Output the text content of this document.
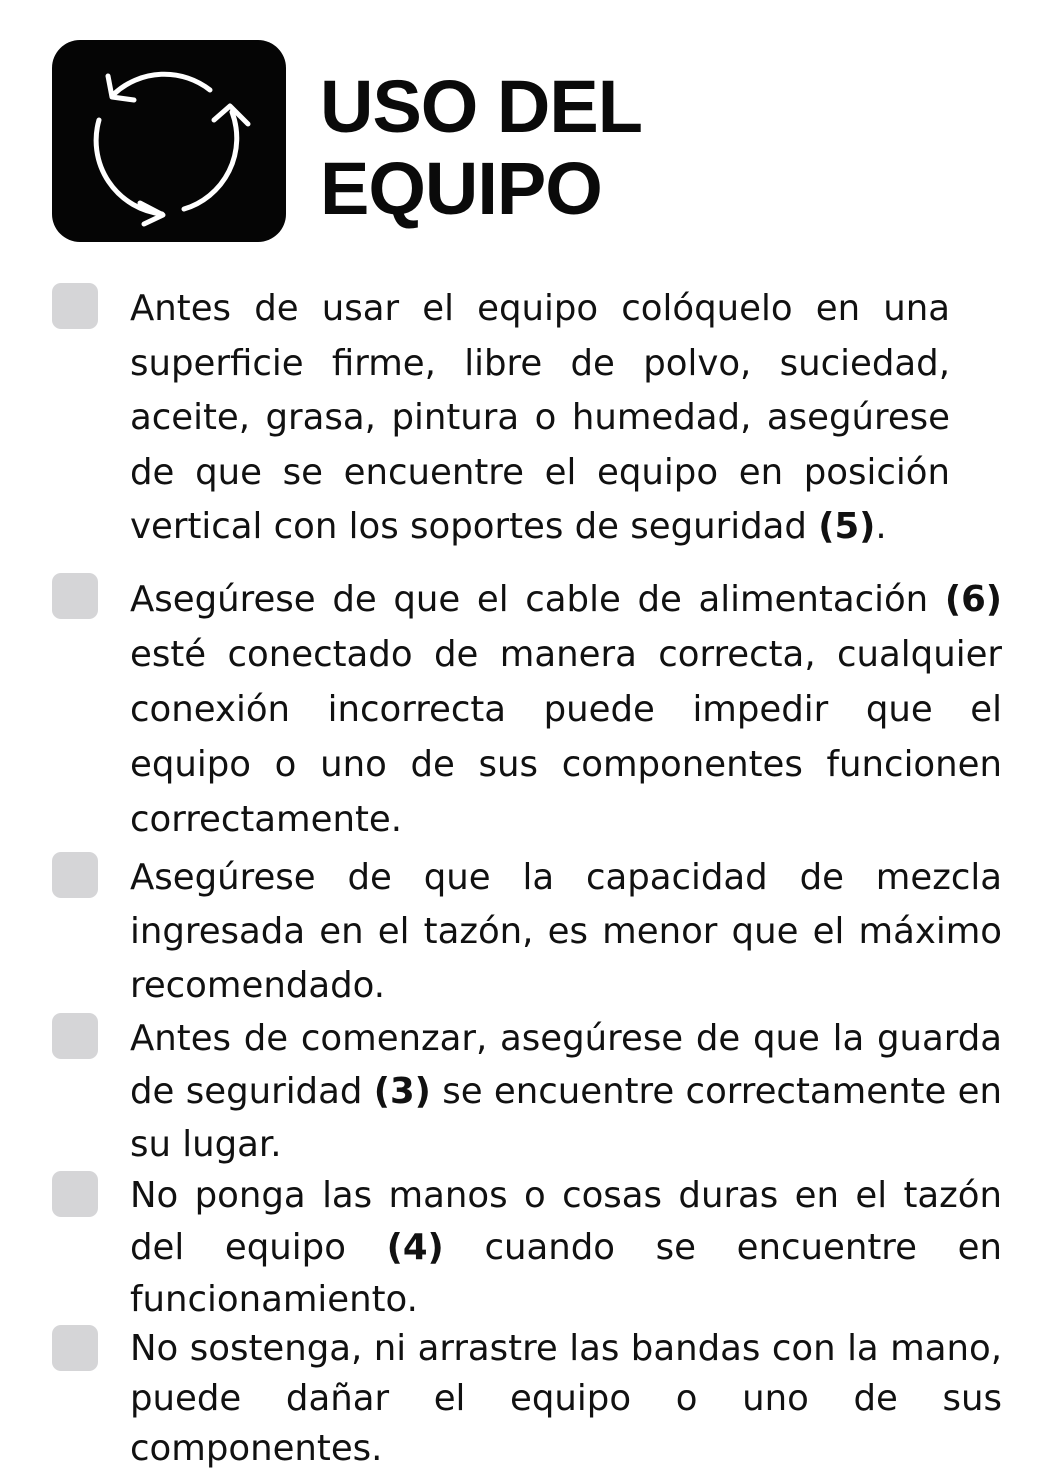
USO DEL
EQUIPO

Antes de usar el equipo colóquelo en una superficie firme, libre de polvo, suciedad, aceite, grasa, pintura o humedad, asegúrese de que se encuentre el equipo en posición vertical con los soportes de seguridad (5).

Asegúrese de que el cable de alimentación (6) esté conectado de manera correcta, cualquier conexión incorrecta puede impedir que el equipo o uno de sus componentes funcionen correctamente.

Asegúrese de que la capacidad de mezcla ingresada en el tazón, es menor que el máximo recomendado.

Antes de comenzar, asegúrese de que la guarda de seguridad (3) se encuentre correctamente en su lugar.

No ponga las manos o cosas duras en el tazón del equipo (4) cuando se encuentre en funcionamiento.

No sostenga, ni arrastre las bandas con la mano, puede dañar el equipo o uno de sus componentes.
